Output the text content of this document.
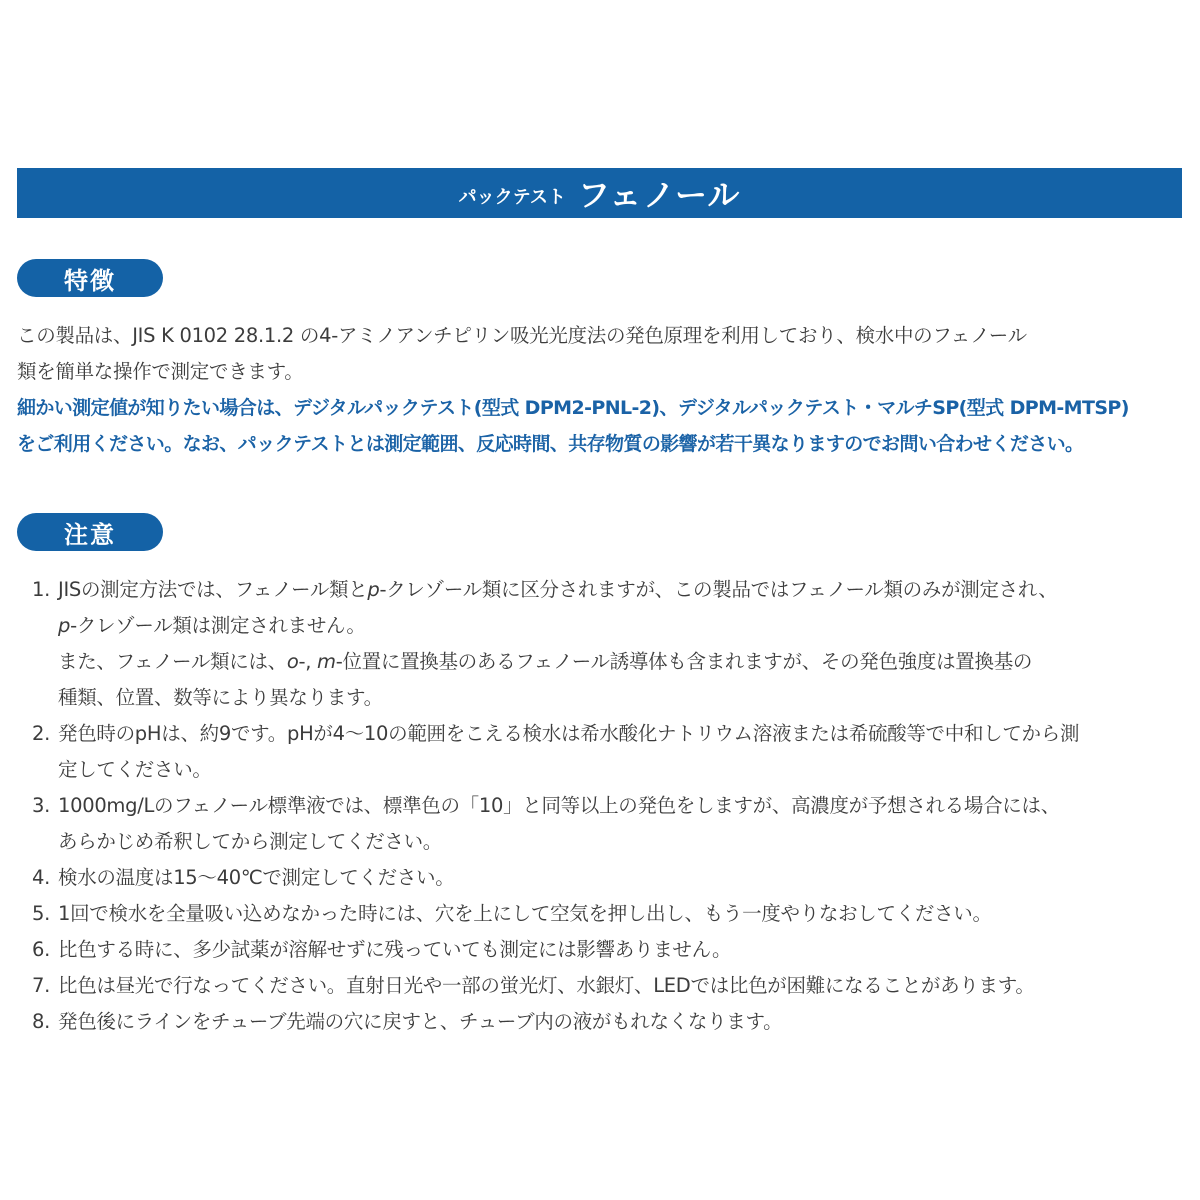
パックテスト フェノール
特徴

この製品は、JIS K 0102 28.1.2 の4-アミノアンチピリン吸光光度法の発色原理を利用しており、検水中のフェノール

類を簡単な操作で測定できます。

細かい測定値が知りたい場合は、デジタルパックテスト(型式 DPM2-PNL-2)、デジタルパックテスト・マルチSP(型式 DPM-MTSP)

をご利用ください。なお、パックテストとは測定範囲、反応時間、共存物質の影響が若干異なりますのでお問い合わせください。

注意
1. JISの測定方法では、フェノール類とp-クレゾール類に区分されますが、この製品ではフェノール類のみが測定され、
p-クレゾール類は測定されません。
また、フェノール類には、o-, m-位置に置換基のあるフェノール誘導体も含まれますが、その発色強度は置換基の
種類、位置、数等により異なります。
2. 発色時のpHは、約9です。pHが4～10の範囲をこえる検水は希水酸化ナトリウム溶液または希硫酸等で中和してから測
定してください。
3. 1000mg/Lのフェノール標準液では、標準色の「10」と同等以上の発色をしますが、高濃度が予想される場合には、
あらかじめ希釈してから測定してください。
4. 検水の温度は15～40℃で測定してください。
5. 1回で検水を全量吸い込めなかった時には、穴を上にして空気を押し出し、もう一度やりなおしてください。
6. 比色する時に、多少試薬が溶解せずに残っていても測定には影響ありません。
7. 比色は昼光で行なってください。直射日光や一部の蛍光灯、水銀灯、LEDでは比色が困難になることがあります。
8. 発色後にラインをチューブ先端の穴に戻すと、チューブ内の液がもれなくなります。
